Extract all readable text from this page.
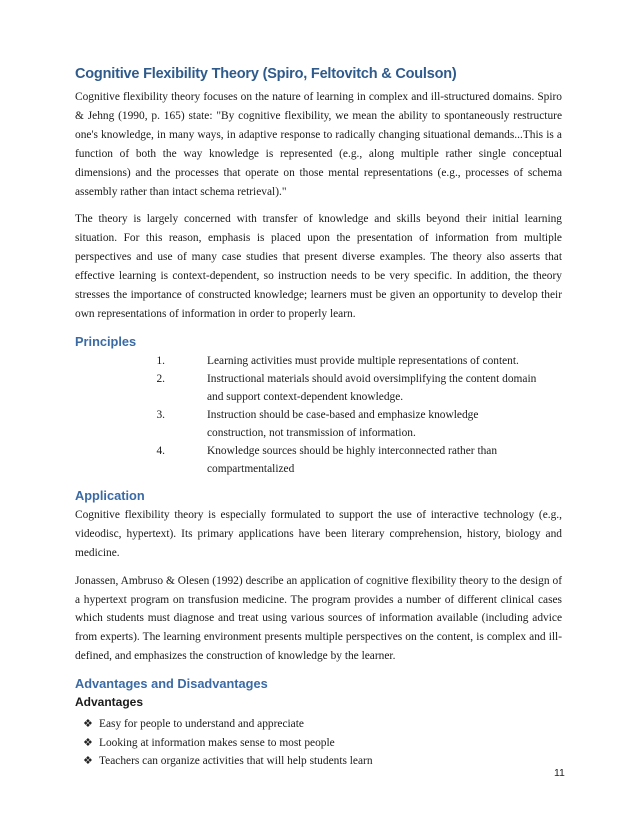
Cognitive Flexibility Theory (Spiro, Feltovitch & Coulson)

Cognitive flexibility theory focuses on the nature of learning in complex and ill-structured domains. Spiro & Jehng (1990, p. 165) state: "By cognitive flexibility, we mean the ability to spontaneously restructure one's knowledge, in many ways, in adaptive response to radically changing situational demands...This is a function of both the way knowledge is represented (e.g., along multiple rather single conceptual dimensions) and the processes that operate on those mental representations (e.g., processes of schema assembly rather than intact schema retrieval)."

The theory is largely concerned with transfer of knowledge and skills beyond their initial learning situation. For this reason, emphasis is placed upon the presentation of information from multiple perspectives and use of many case studies that present diverse examples. The theory also asserts that effective learning is context-dependent, so instruction needs to be very specific. In addition, the theory stresses the importance of constructed knowledge; learners must be given an opportunity to develop their own representations of information in order to properly learn.

Principles
1.	Learning activities must provide multiple representations of content.
2.	Instructional materials should avoid oversimplifying the content domain and support context-dependent knowledge.
3.	Instruction should be case-based and emphasize knowledge construction, not transmission of information.
4.	Knowledge sources should be highly interconnected rather than compartmentalized
Application

Cognitive flexibility theory is especially formulated to support the use of interactive technology (e.g., videodisc, hypertext). Its primary applications have been literary comprehension, history, biology and medicine.

Jonassen, Ambruso & Olesen (1992) describe an application of cognitive flexibility theory to the design of a hypertext program on transfusion medicine. The program provides a number of different clinical cases which students must diagnose and treat using various sources of information available (including advice from experts). The learning environment presents multiple perspectives on the content, is complex and ill-defined, and emphasizes the construction of knowledge by the learner.

Advantages and Disadvantages
Advantages
❖ Easy for people to understand and appreciate
❖ Looking at information makes sense to most people
❖ Teachers can organize activities that will help students learn
11
